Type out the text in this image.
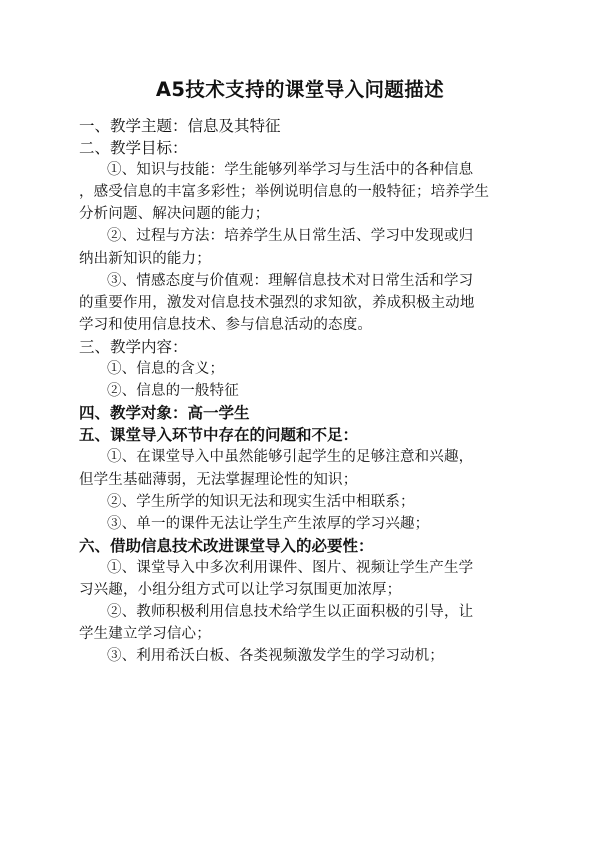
A5技术支持的课堂导入问题描述
一、教学主题：信息及其特征
二、教学目标：
①、知识与技能：学生能够列举学习与生活中的各种信息
，感受信息的丰富多彩性；举例说明信息的一般特征；培养学生
分析问题、解决问题的能力；
②、过程与方法：培养学生从日常生活、学习中发现或归
纳出新知识的能力；
③、情感态度与价值观：理解信息技术对日常生活和学习
的重要作用，激发对信息技术强烈的求知欲，养成积极主动地
学习和使用信息技术、参与信息活动的态度。
三、教学内容：
①、信息的含义；
②、信息的一般特征
四、教学对象：高一学生
五、课堂导入环节中存在的问题和不足：
①、在课堂导入中虽然能够引起学生的足够注意和兴趣，
但学生基础薄弱，无法掌握理论性的知识；
②、学生所学的知识无法和现实生活中相联系；
③、单一的课件无法让学生产生浓厚的学习兴趣；
六、借助信息技术改进课堂导入的必要性：
①、课堂导入中多次利用课件、图片、视频让学生产生学
习兴趣，小组分组方式可以让学习氛围更加浓厚；
②、教师积极利用信息技术给学生以正面积极的引导，让
学生建立学习信心；
③、利用希沃白板、各类视频激发学生的学习动机；
